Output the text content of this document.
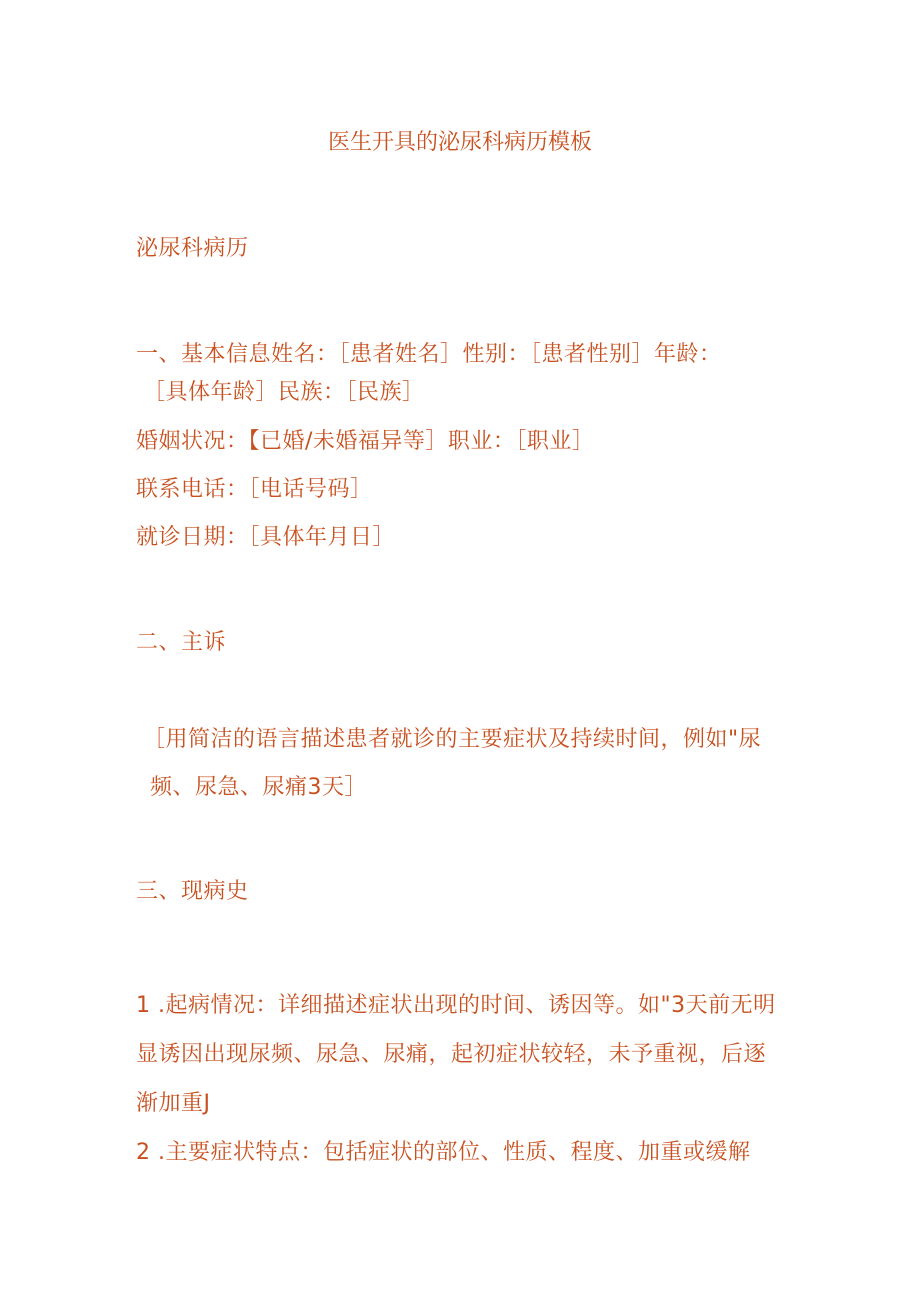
医生开具的泌尿科病历模板
泌尿科病历
一、基本信息姓名：［患者姓名］性别：［患者性别］年龄：
［具体年龄］民族：［民族］
婚姻状况：【已婚/未婚福异等］职业：［职业］
联系电话：［电话号码］
就诊日期：［具体年月日］
二、主诉
［用简洁的语言描述患者就诊的主要症状及持续时间，例如"尿
频、尿急、尿痛3天］
三、现病史
1 .起病情况：详细描述症状出现的时间、诱因等。如"3天前无明
显诱因出现尿频、尿急、尿痛，起初症状较轻，未予重视，后逐
渐加重J
2 .主要症状特点：包括症状的部位、性质、程度、加重或缓解
